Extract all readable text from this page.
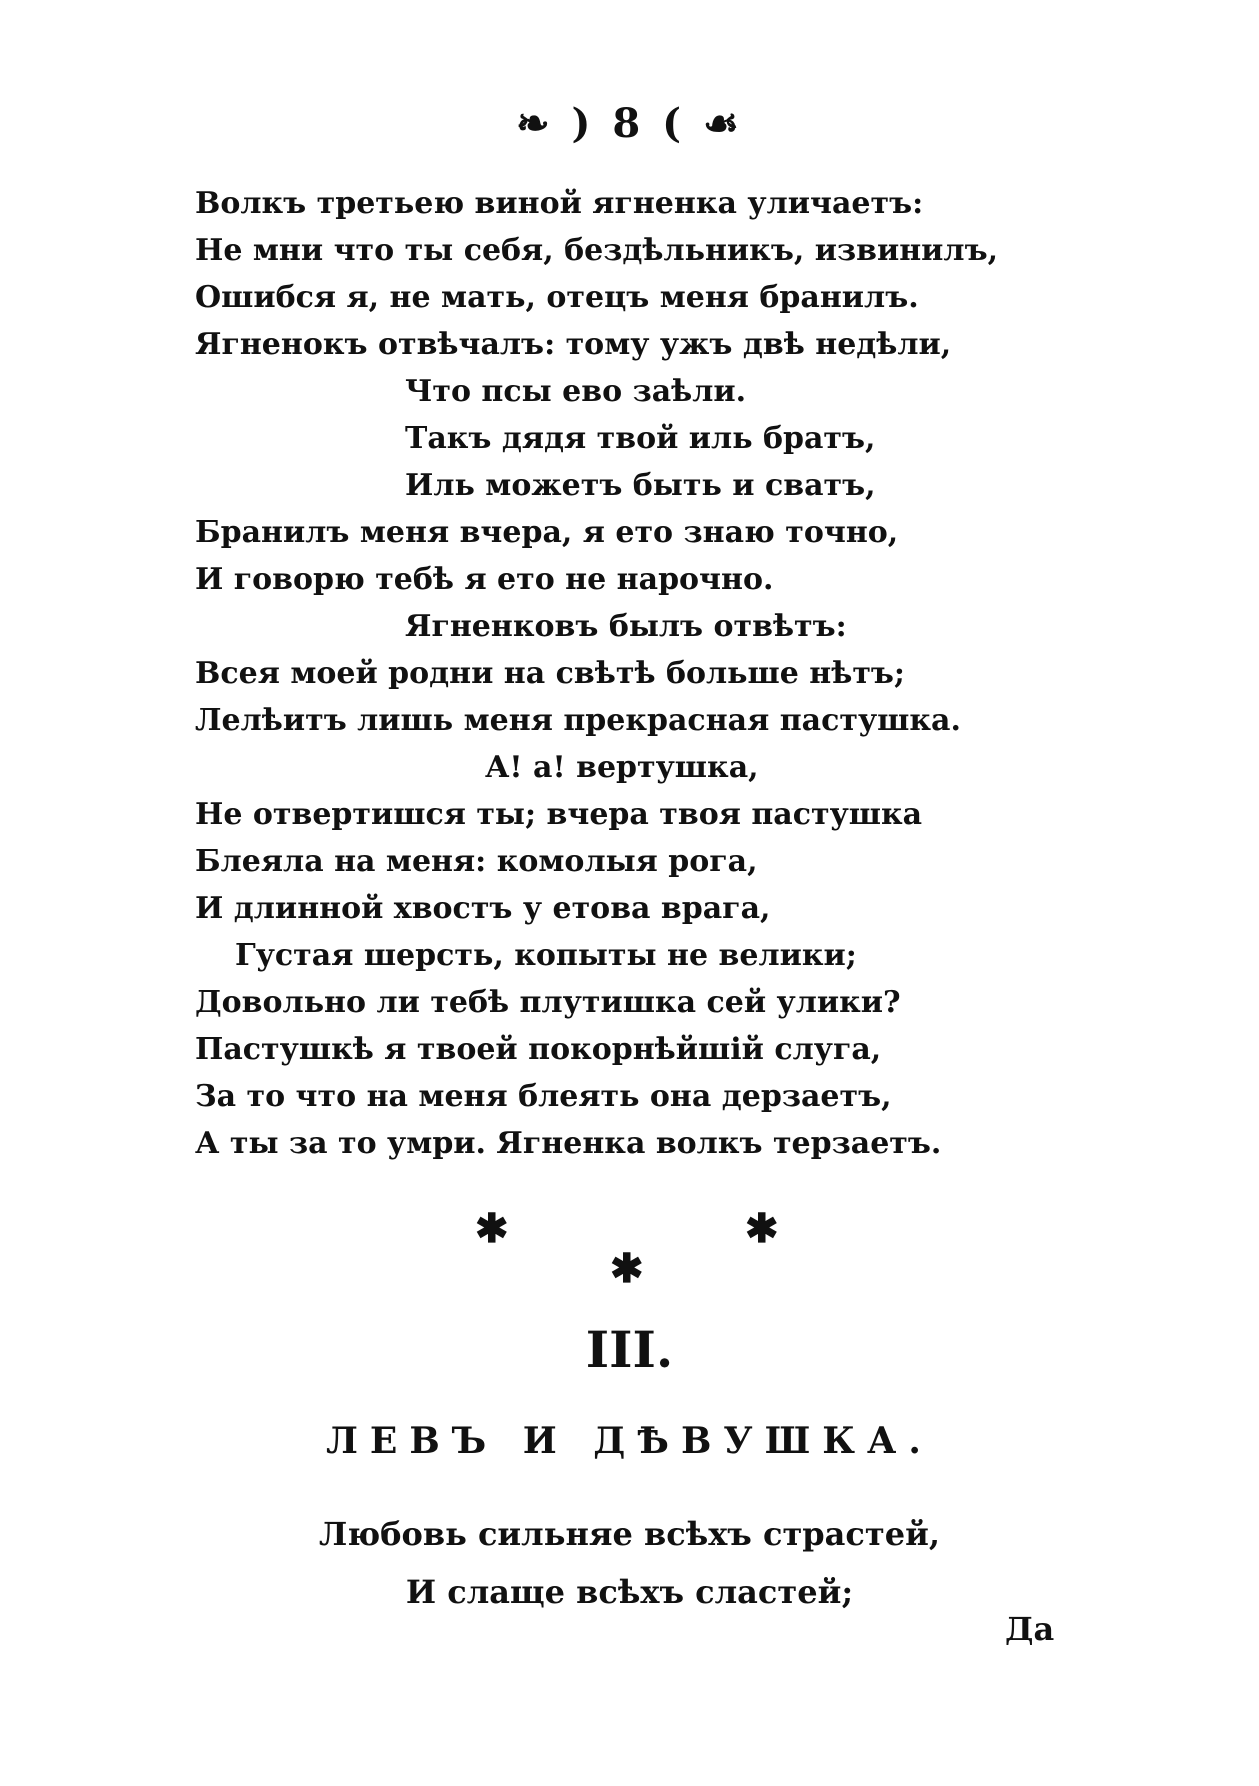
❧ ) 8 ( ☙
Волкъ третьею виной ягненка уличаетъ:
Не мни что ты себя, бездѣльникъ, извинилъ,
Ошибся я, не мать, отецъ меня бранилъ.
Ягненокъ отвѣчалъ: тому ужъ двѣ недѣли,
Что псы ево заѣли.
Такъ дядя твой иль братъ,
Иль можетъ быть и сватъ,
Бранилъ меня вчера, я ето знаю точно,
И говорю тебѣ я ето не нарочно.
Ягненковъ былъ отвѣтъ:
Всея моей родни на свѣтѣ больше нѣтъ;
Лелѣитъ лишь меня прекрасная пастушка.
А! а! вертушка,
Не отвертишся ты; вчера твоя пастушка
Блеяла на меня: комолыя рога,
И длинной хвостъ у етова врага,
Густая шерсть, копыты не велики;
Довольно ли тебѣ плутишка сей улики?
Пастушкѣ я твоей покорнѣйшій слуга,
За то что на меня блеять она дерзаетъ,
А ты за то умри. Ягненка волкъ терзаетъ.
✱
✱
✱
III.
ЛЕВЪ И ДѢВУШКА.
Любовь сильняе всѣхъ страстей,
И слаще всѣхъ сластей;
Да
